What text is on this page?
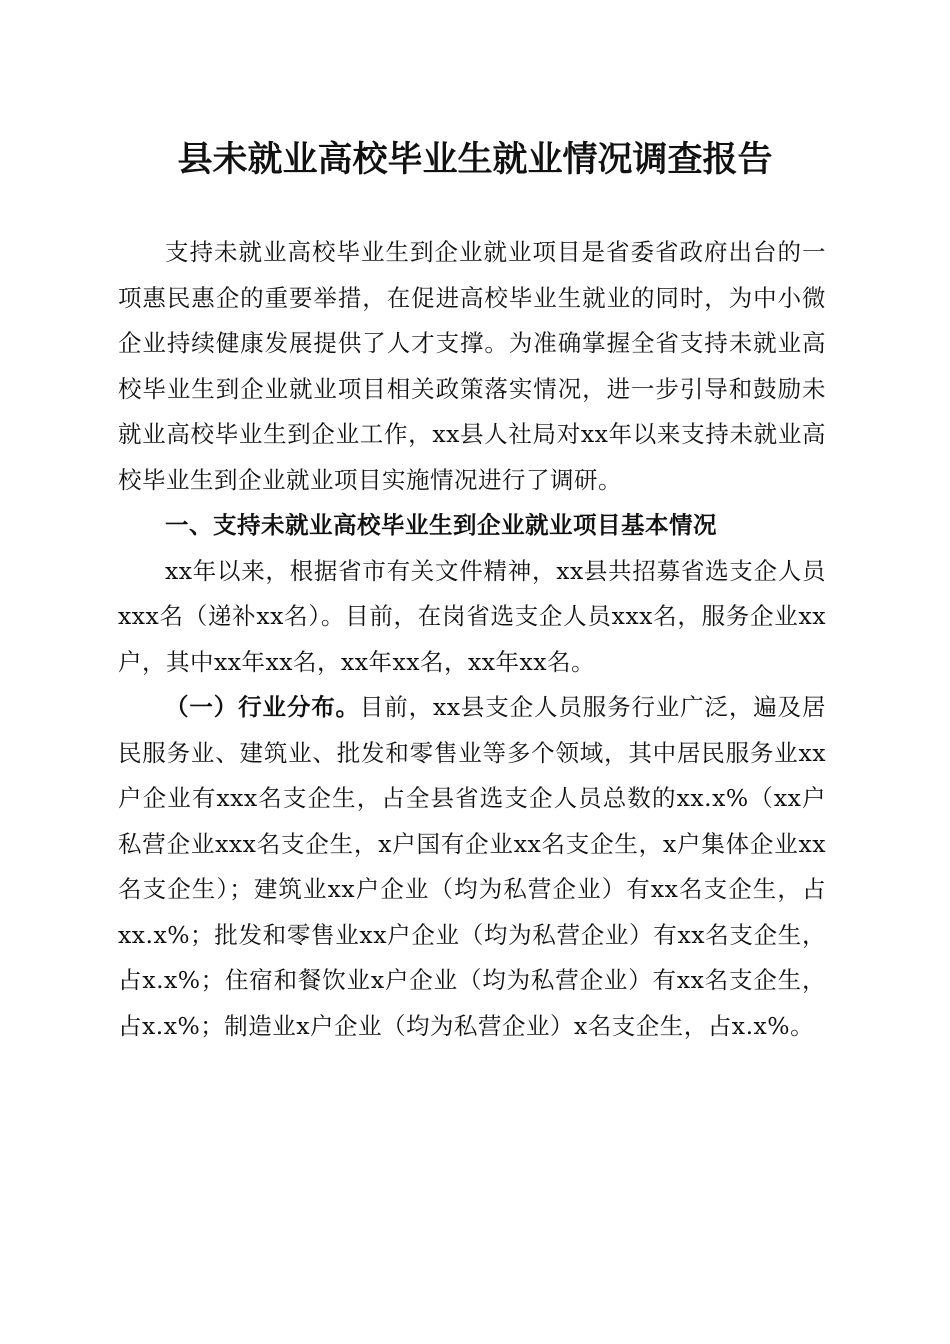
县未就业高校毕业生就业情况调查报告

支持未就业高校毕业生到企业就业项目是省委省政府出台的一项惠民惠企的重要举措，在促进高校毕业生就业的同时，为中小微企业持续健康发展提供了人才支撑。为准确掌握全省支持未就业高校毕业生到企业就业项目相关政策落实情况，进一步引导和鼓励未就业高校毕业生到企业工作，xx县人社局对xx年以来支持未就业高校毕业生到企业就业项目实施情况进行了调研。

一、支持未就业高校毕业生到企业就业项目基本情况

xx年以来，根据省市有关文件精神，xx县共招募省选支企人员xxx名（递补xx名）。目前，在岗省选支企人员xxx名，服务企业xx户，其中xx年xx名，xx年xx名，xx年xx名。

（一）行业分布。目前，xx县支企人员服务行业广泛，遍及居民服务业、建筑业、批发和零售业等多个领域，其中居民服务业xx户企业有xxx名支企生，占全县省选支企人员总数的xx.x%（xx户私营企业xxx名支企生，x户国有企业xx名支企生，x户集体企业xx名支企生）；建筑业xx户企业（均为私营企业）有xx名支企生，占xx.x%；批发和零售业xx户企业（均为私营企业）有xx名支企生，占x.x%；住宿和餐饮业x户企业（均为私营企业）有xx名支企生，占x.x%；制造业x户企业（均为私营企业）x名支企生，占x.x%。
